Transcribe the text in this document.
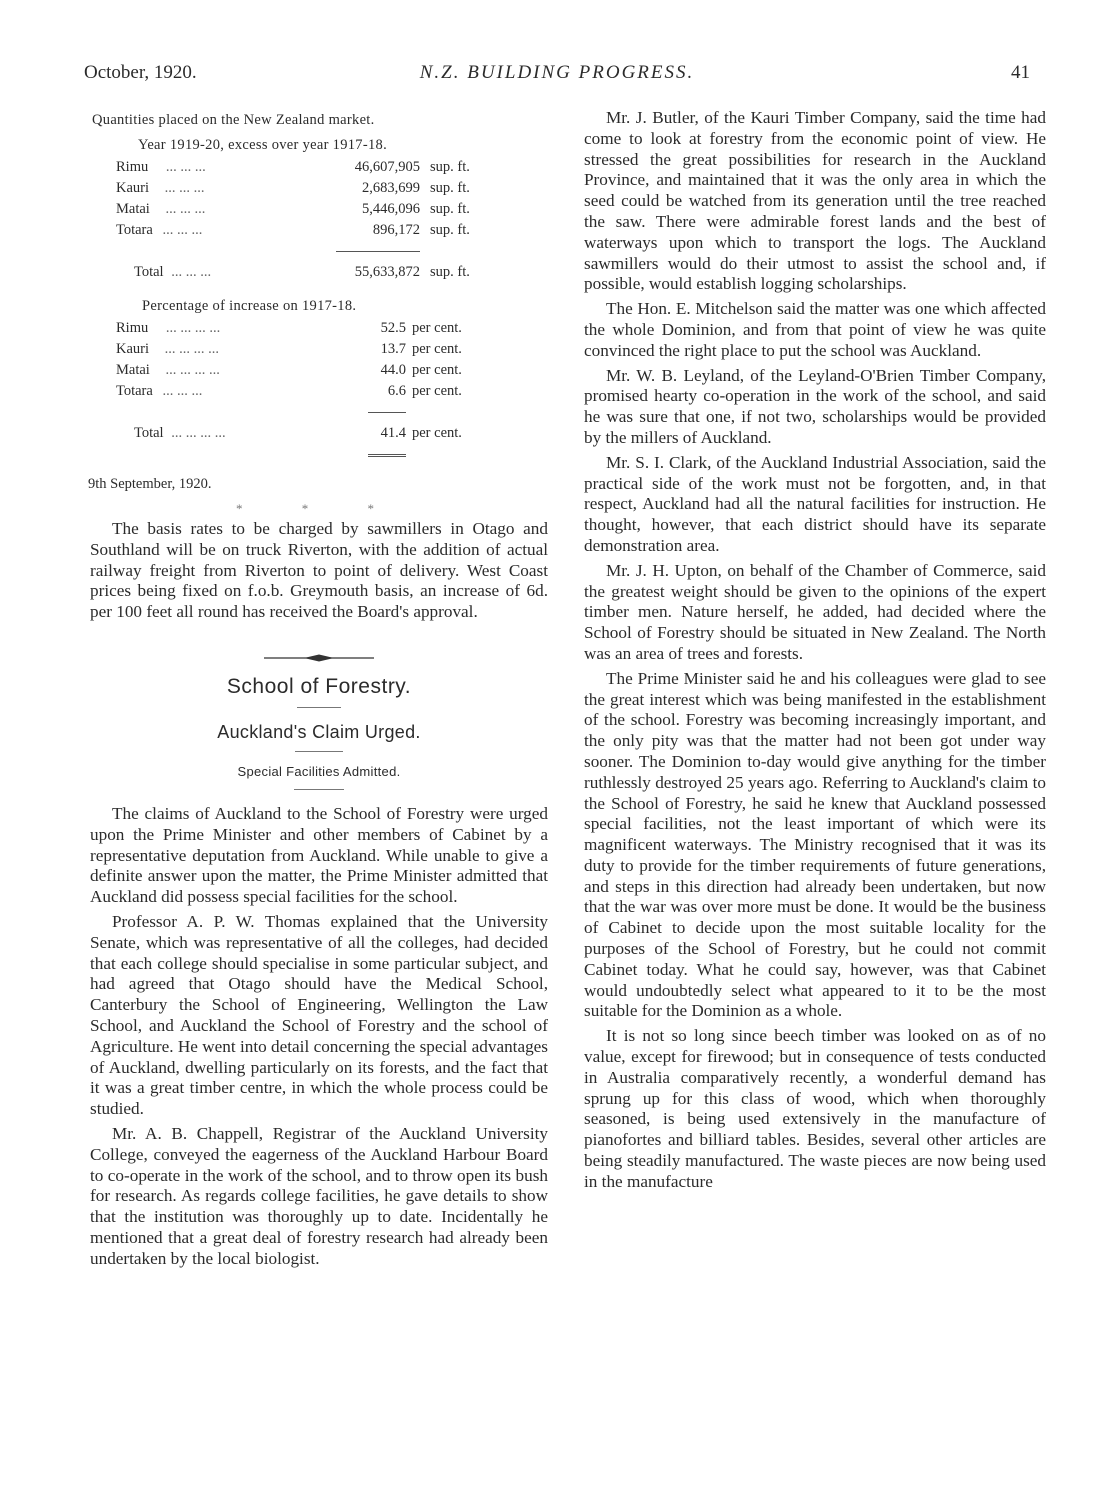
October, 1920.	N.Z. BUILDING PROGRESS.	41
Quantities placed on the New Zealand market.
Year 1919-20, excess over year 1917-18.
Rimu ... ... ...	46,607,905	sup. ft.
Kauri ... ... ...	2,683,699	sup. ft.
Matai ... ... ...	5,446,096	sup. ft.
Totara ... ... ...	896,172	sup. ft.

Total ... ... ...	55,633,872	sup. ft.
Percentage of increase on 1917-18.
Rimu ... ... ... ...	52.5	per cent.
Kauri ... ... ... ...	13.7	per cent.
Matai ... ... ... ...	44.0	per cent.
Totara ... ... ...	6.6	per cent.

Total ... ... ... ...	41.4	per cent.

9th September, 1920.
* * *

The basis rates to be charged by sawmillers in Otago and Southland will be on truck Riverton, with the addition of actual railway freight from Riverton to point of delivery. West Coast prices being fixed on f.o.b. Greymouth basis, an increase of 6d. per 100 feet all round has received the Board's approval.

School of Forestry.
Auckland's Claim Urged.
Special Facilities Admitted.

The claims of Auckland to the School of Forestry were urged upon the Prime Minister and other members of Cabinet by a representative deputation from Auckland. While unable to give a definite answer upon the matter, the Prime Minister admitted that Auckland did possess special facilities for the school.

Professor A. P. W. Thomas explained that the University Senate, which was representative of all the colleges, had decided that each college should specialise in some particular subject, and had agreed that Otago should have the Medical School, Canterbury the School of Engineering, Wellington the Law School, and Auckland the School of Forestry and the school of Agriculture. He went into detail concerning the special advantages of Auckland, dwelling particularly on its forests, and the fact that it was a great timber centre, in which the whole process could be studied.

Mr. A. B. Chappell, Registrar of the Auckland University College, conveyed the eagerness of the Auckland Harbour Board to co-operate in the work of the school, and to throw open its bush for research. As regards college facilities, he gave details to show that the institution was thoroughly up to date. Incidentally he mentioned that a great deal of forestry research had already been undertaken by the local biologist.

Mr. J. Butler, of the Kauri Timber Company, said the time had come to look at forestry from the economic point of view. He stressed the great possibilities for research in the Auckland Province, and maintained that it was the only area in which the seed could be watched from its generation until the tree reached the saw. There were admirable forest lands and the best of waterways upon which to transport the logs. The Auckland sawmillers would do their utmost to assist the school and, if possible, would establish logging scholarships.

The Hon. E. Mitchelson said the matter was one which affected the whole Dominion, and from that point of view he was quite convinced the right place to put the school was Auckland.

Mr. W. B. Leyland, of the Leyland-O'Brien Timber Company, promised hearty co-operation in the work of the school, and said he was sure that one, if not two, scholarships would be provided by the millers of Auckland.

Mr. S. I. Clark, of the Auckland Industrial Association, said the practical side of the work must not be forgotten, and, in that respect, Auckland had all the natural facilities for instruction. He thought, however, that each district should have its separate demonstration area.

Mr. J. H. Upton, on behalf of the Chamber of Commerce, said the greatest weight should be given to the opinions of the expert timber men. Nature herself, he added, had decided where the School of Forestry should be situated in New Zealand. The North was an area of trees and forests.

The Prime Minister said he and his colleagues were glad to see the great interest which was being manifested in the establishment of the school. Forestry was becoming increasingly important, and the only pity was that the matter had not been got under way sooner. The Dominion to-day would give anything for the timber ruthlessly destroyed 25 years ago. Referring to Auckland's claim to the School of Forestry, he said he knew that Auckland possessed special facilities, not the least important of which were its magnificent waterways. The Ministry recognised that it was its duty to provide for the timber requirements of future generations, and steps in this direction had already been undertaken, but now that the war was over more must be done. It would be the business of Cabinet to decide upon the most suitable locality for the purposes of the School of Forestry, but he could not commit Cabinet today. What he could say, however, was that Cabinet would undoubtedly select what appeared to it to be the most suitable for the Dominion as a whole.

It is not so long since beech timber was looked on as of no value, except for firewood; but in consequence of tests conducted in Australia comparatively recently, a wonderful demand has sprung up for this class of wood, which when thoroughly seasoned, is being used extensively in the manufacture of pianofortes and billiard tables. Besides, several other articles are being steadily manufactured. The waste pieces are now being used in the manufacture
